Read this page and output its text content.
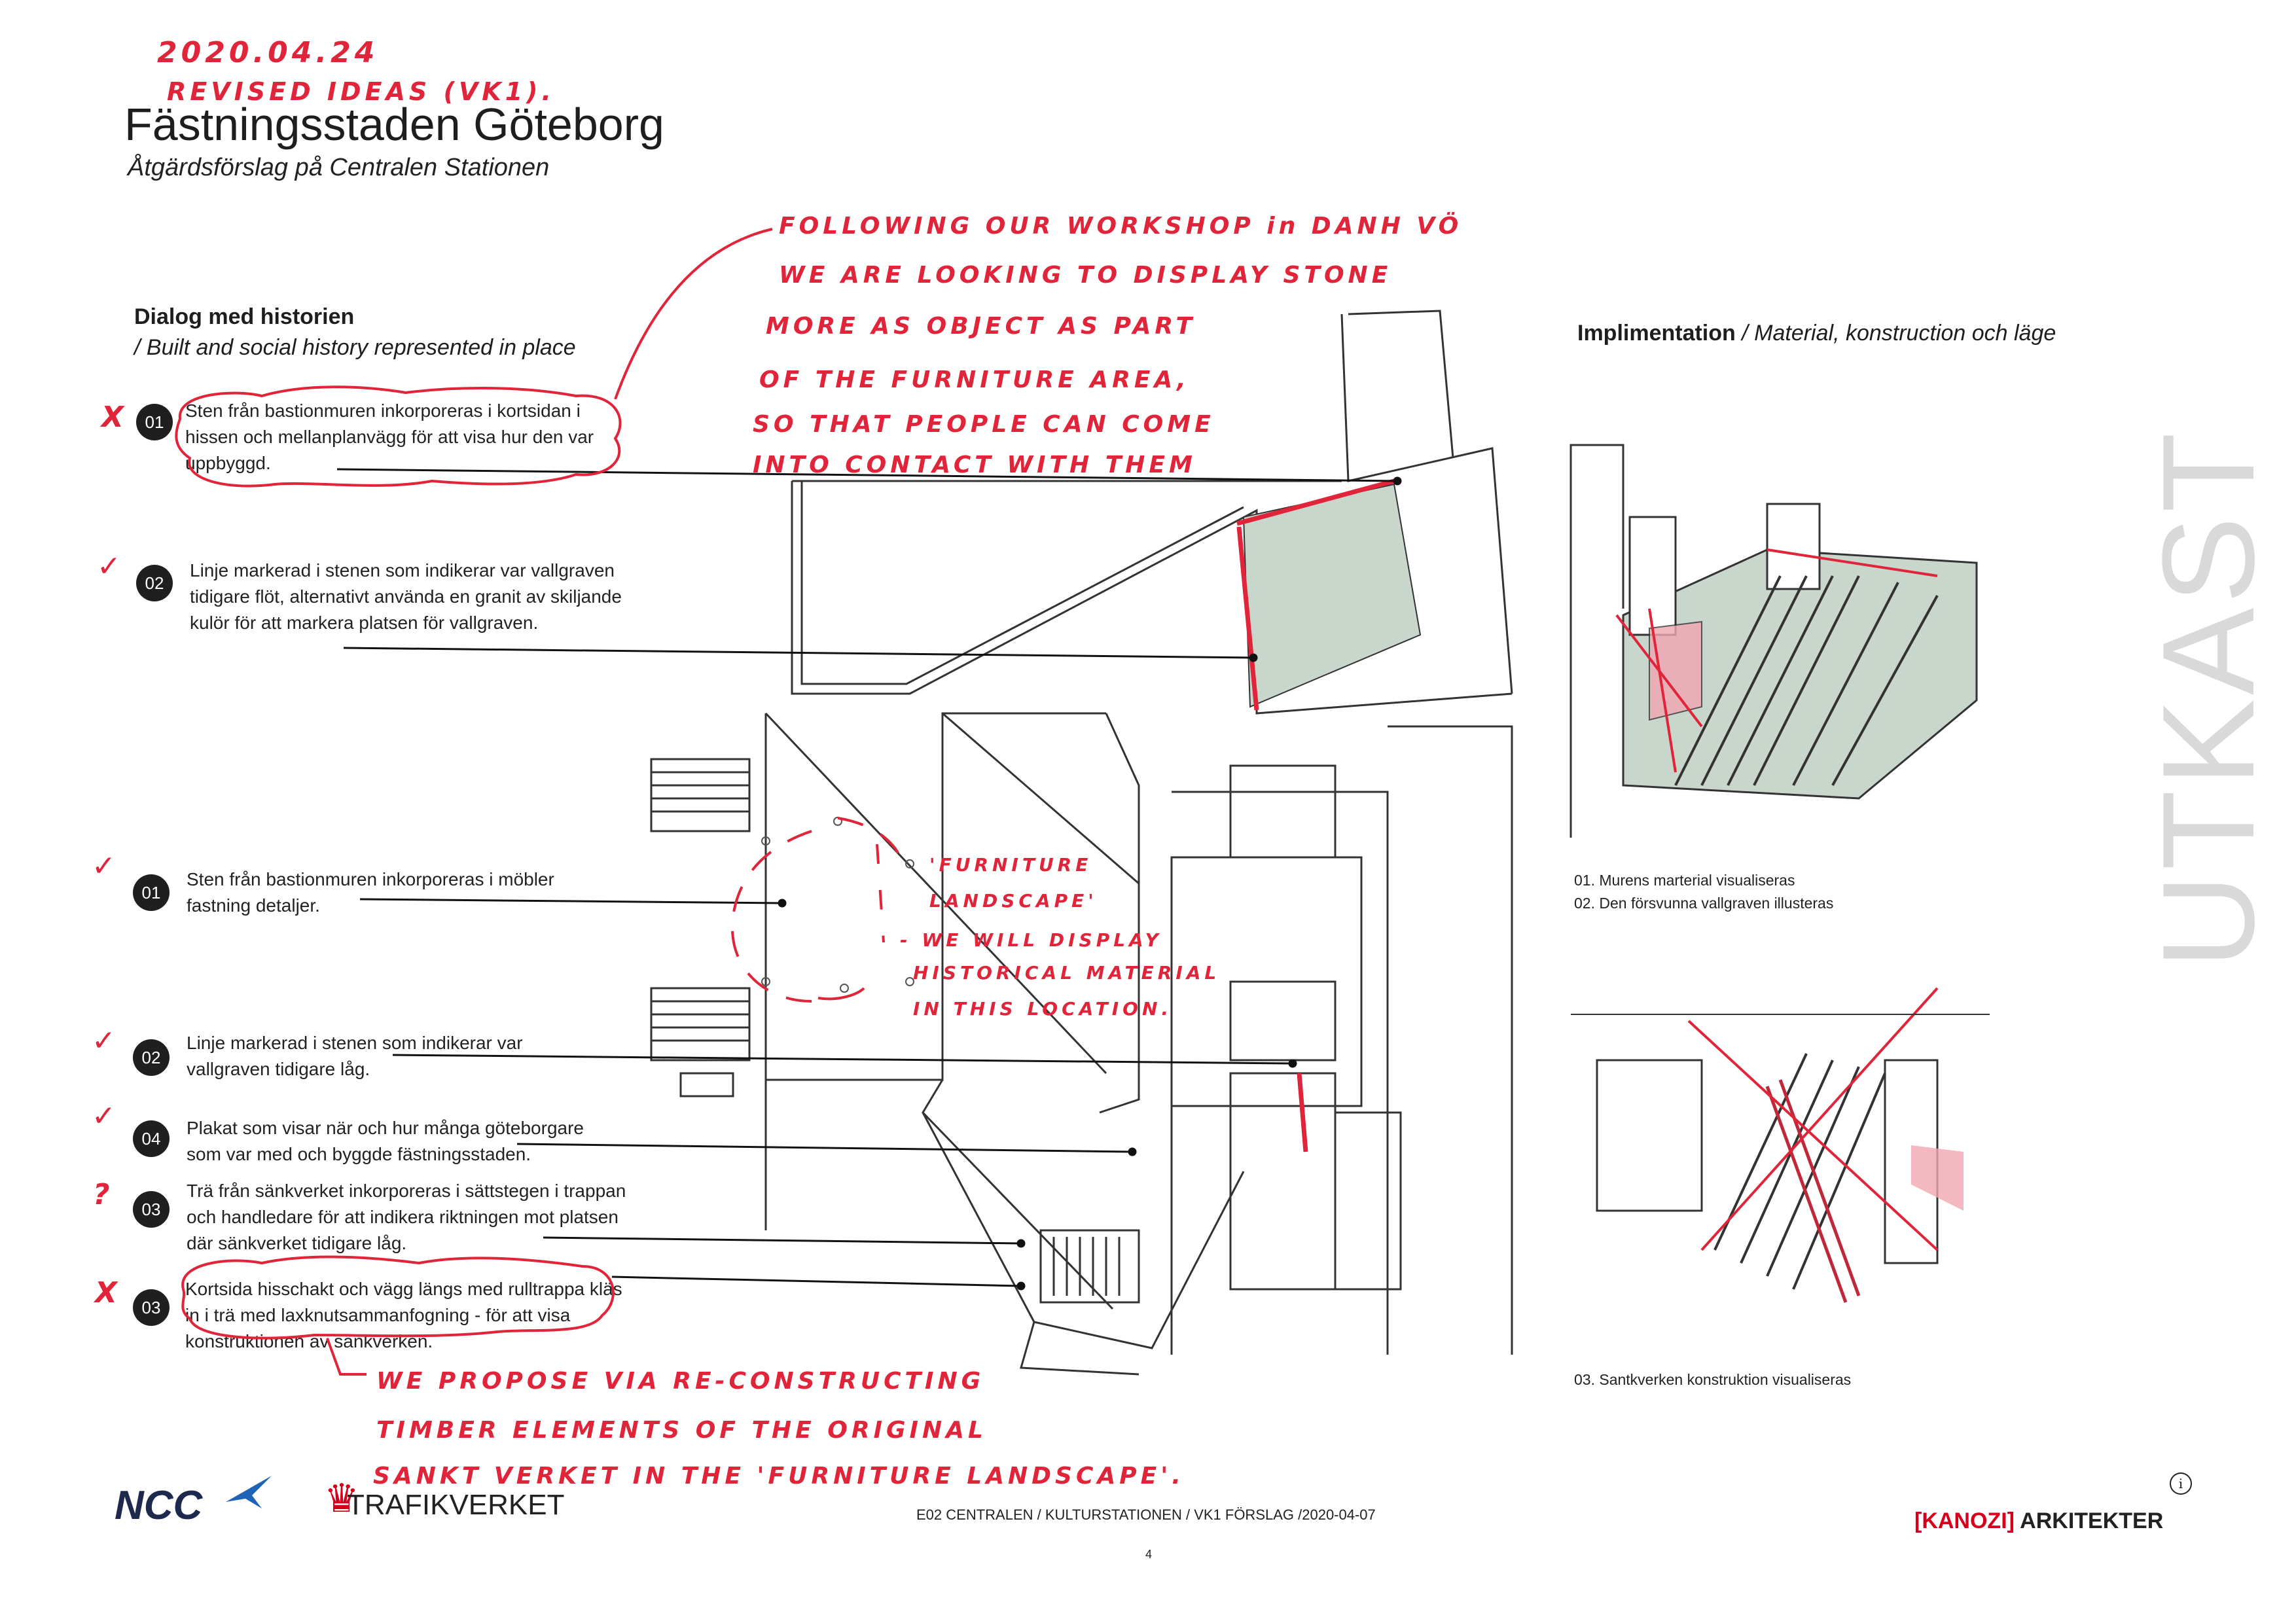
2020.04.24
REVISED IDEAS (VK1).
Fästningsstaden Göteborg
Åtgärdsförslag på Centralen Stationen
Dialog med historien
/ Built and social history represented in place
X	01
Sten från bastionmuren inkorporeras i kortsidan i hissen och mellanplanvägg för att visa hur den var uppbyggd.
✓	02
Linje markerad i stenen som indikerar var vallgraven tidigare flöt, alternativt använda en granit av skiljande kulör för att markera platsen för vallgraven.
✓
01
Sten från bastionmuren inkorporeras i möbler fastning detaljer.
✓	02
Linje markerad i stenen som indikerar var vallgraven tidigare låg.
✓
04
Plakat som visar när och hur många göteborgare som var med och byggde fästningsstaden.
?	03
Trä från sänkverket inkorporeras i sättstegen i trappan och handledare för att indikera riktningen mot platsen där sänkverket tidigare låg.
X	03
Kortsida hisschakt och vägg längs med rulltrappa kläs in i trä med laxknutsammanfogning - för att visa konstruktionen av sänkverken.
Implimentation / Material, konstruction och läge
01. Murens marterial visualiseras
02. Den försvunna vallgraven illusteras
03. Santkverken konstruktion visualiseras
FOLLOWING OUR WORKSHOP in DANH VÖ
WE ARE LOOKING TO DISPLAY STONE
MORE AS OBJECT AS PART
OF THE FURNITURE AREA,
SO THAT PEOPLE CAN COME
INTO CONTACT WITH THEM
'FURNITURE
LANDSCAPE'
- WE WILL DISPLAY
HISTORICAL MATERIAL
IN THIS LOCATION.
WE PROPOSE VIA RE-CONSTRUCTING
TIMBER ELEMENTS OF THE ORIGINAL
SANKT VERKET IN THE 'FURNITURE LANDSCAPE'.
UTKAST
NCC	♛
TRAFIKVERKET	E02 CENTRALEN / KULTURSTATIONEN / VK1 FÖRSLAG /2020-04-07
4
[KANOZI] ARKITEKTER
i
